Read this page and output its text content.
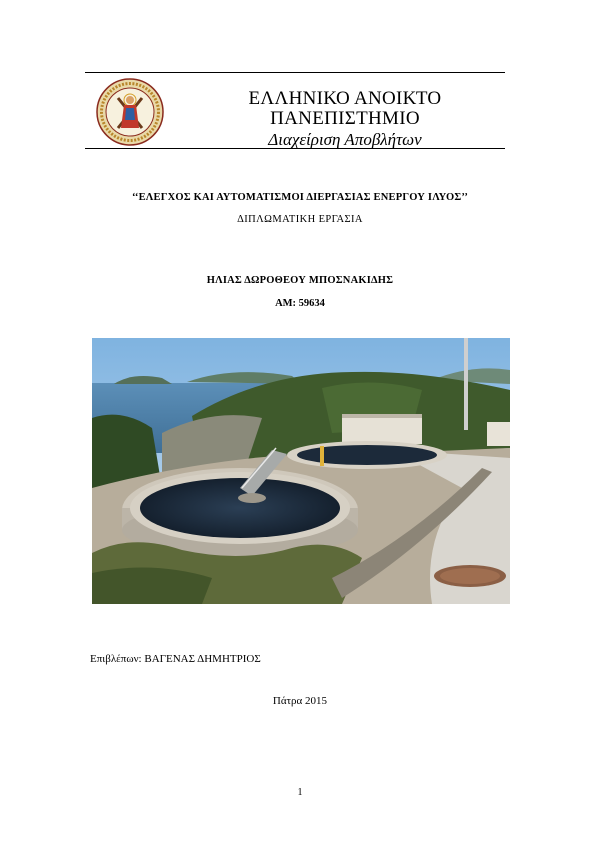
ΕΛΛΗΝΙΚΟ ΑΝΟΙΚΤΟ
ΠΑΝΕΠΙΣΤΗΜΙΟ
Διαχείριση Αποβλήτων
‘‘ΕΛΕΓΧΟΣ ΚΑΙ ΑΥΤΟΜΑΤΙΣΜΟΙ ΔΙΕΡΓΑΣΙΑΣ ΕΝΕΡΓΟΥ ΙΛΥΟΣ’’
ΔΙΠΛΩΜΑΤΙΚΗ ΕΡΓΑΣΙΑ
ΗΛΙΑΣ ΔΩΡΟΘΕΟΥ ΜΠΟΣΝΑΚΙΔΗΣ
ΑΜ: 59634
Επιβλέπων: ΒΑΓΕΝΑΣ ΔΗΜΗΤΡΙΟΣ
Πάτρα 2015
1
